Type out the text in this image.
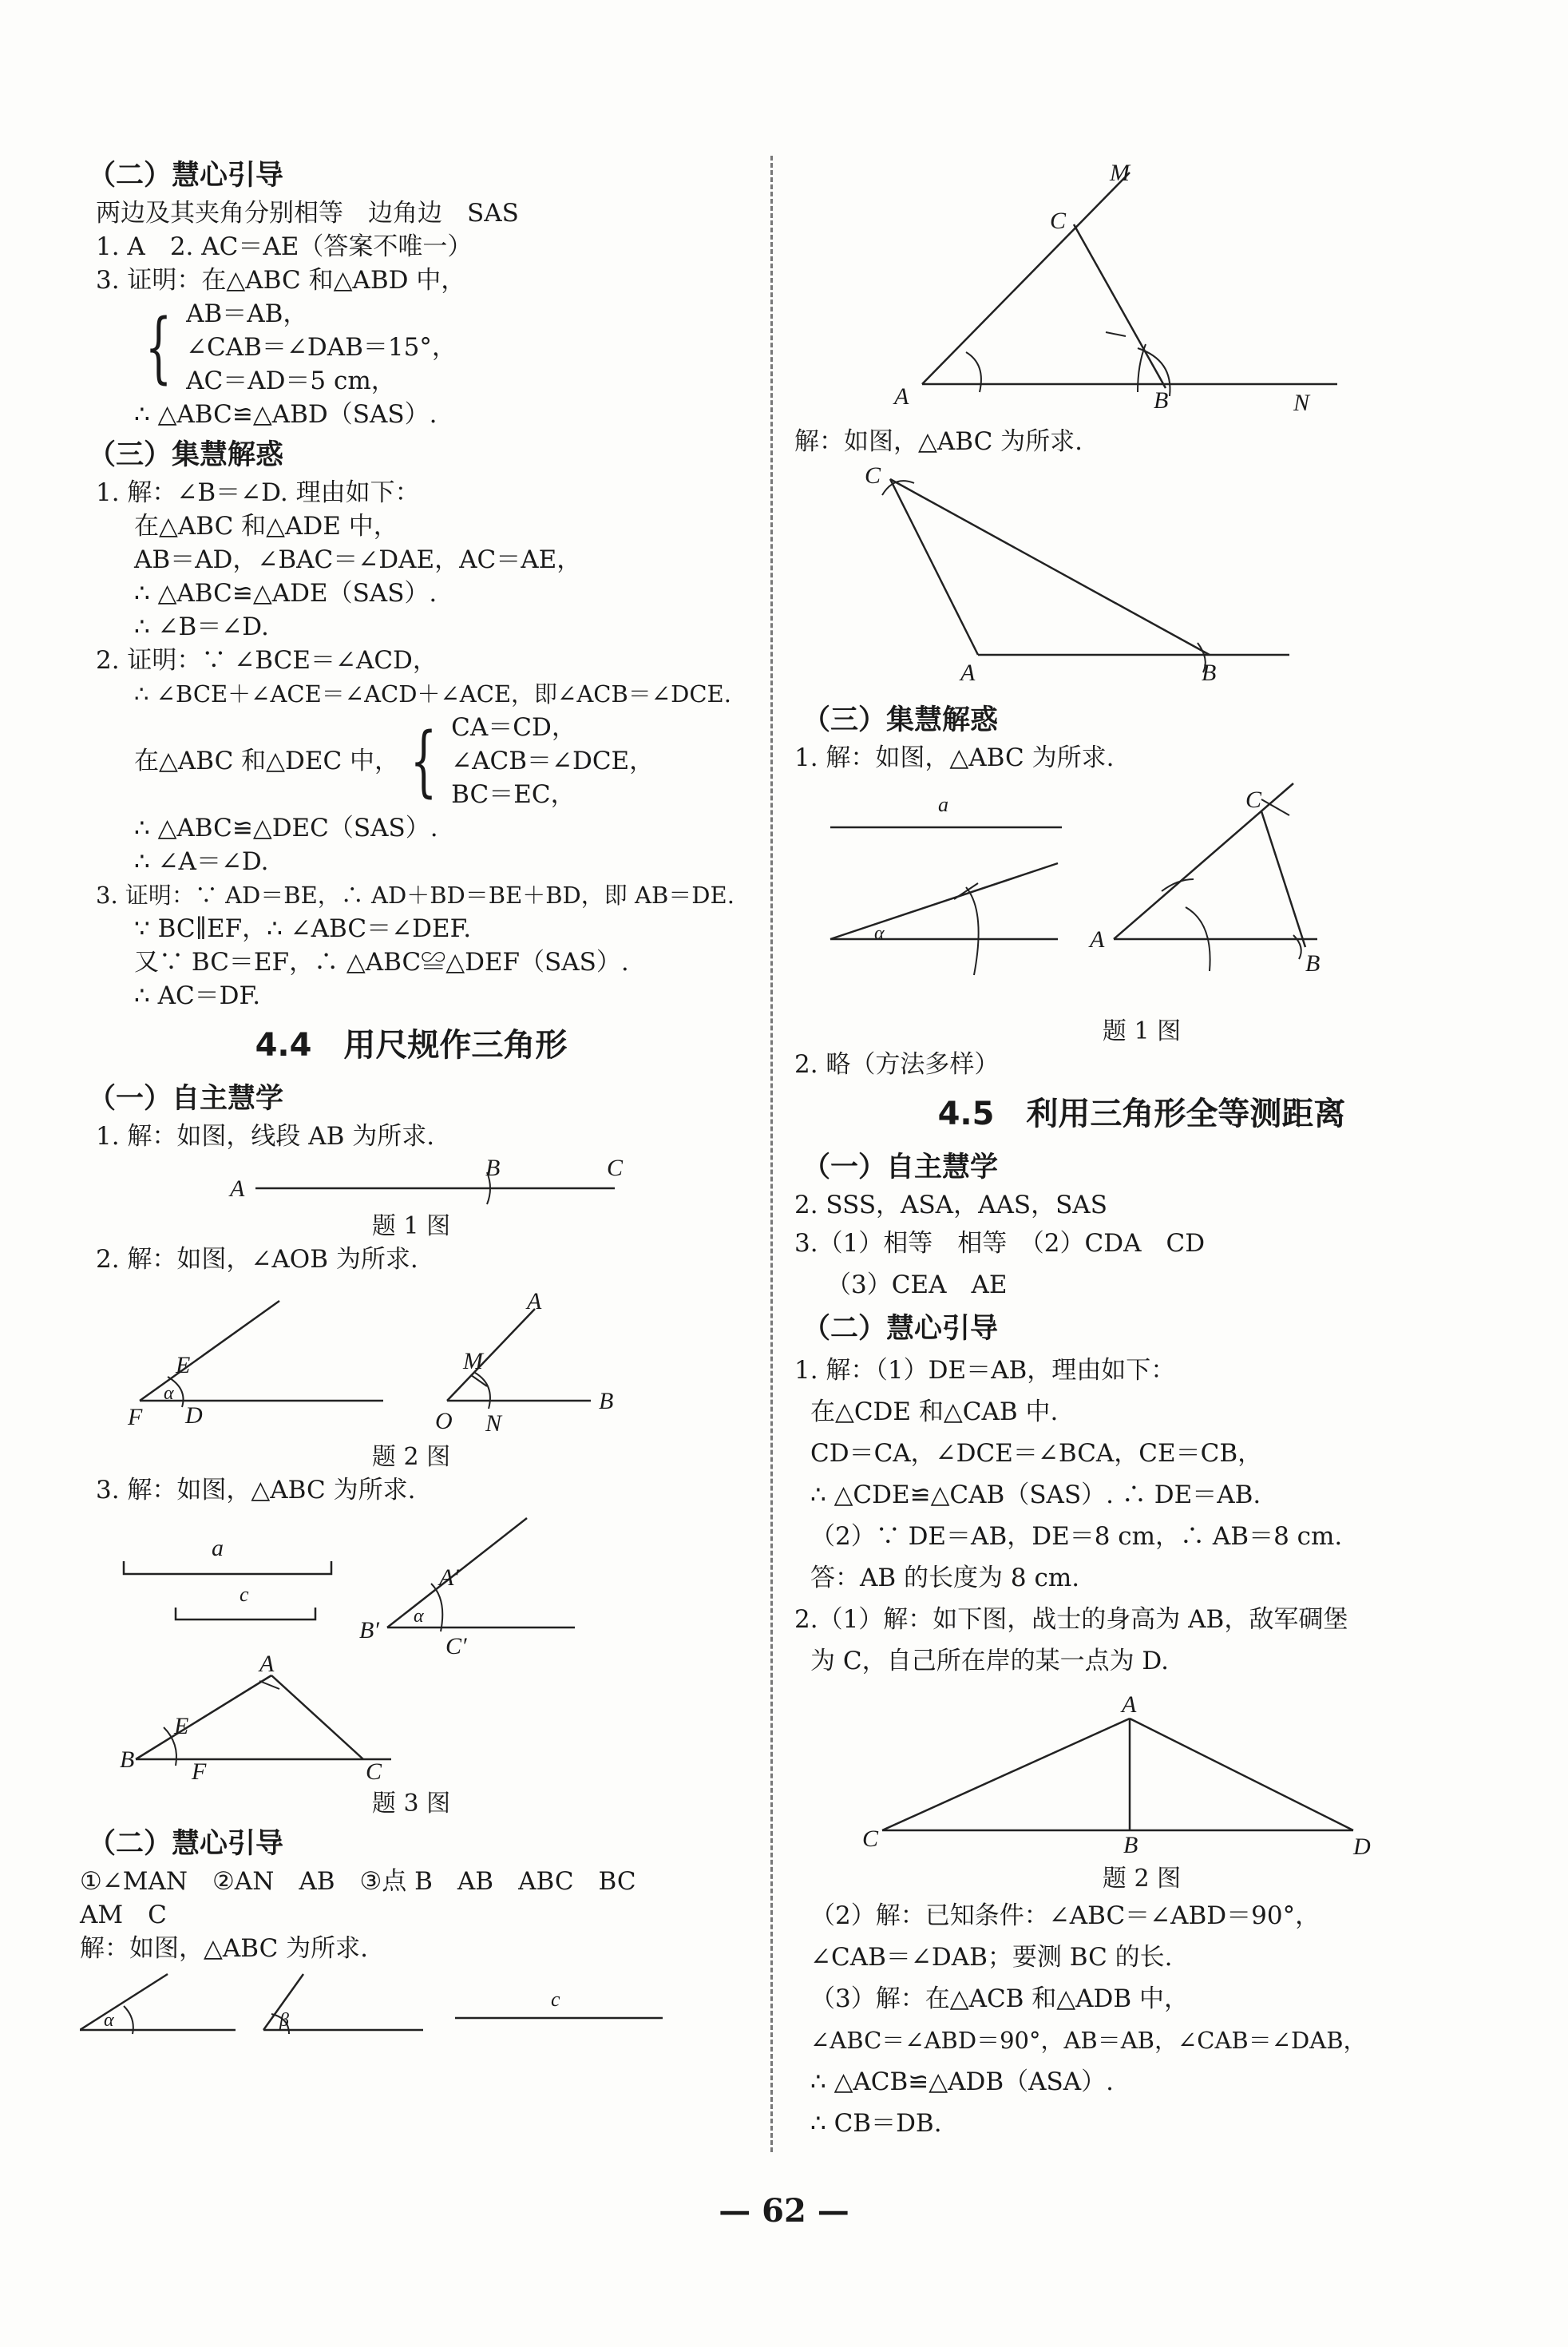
（二）慧心引导
两边及其夹角分别相等　边角边　SAS
1. A　2. AC＝AE（答案不唯一）
3. 证明：在△ABC 和△ABD 中，
{ AB＝AB，
∠CAB＝∠DAB＝15°，
AC＝AD＝5 cm，
∴ △ABC≌△ABD（SAS）.
（三）集慧解惑
1. 解：∠B＝∠D. 理由如下：
在△ABC 和△ADE 中，
AB＝AD，∠BAC＝∠DAE，AC＝AE，
∴ △ABC≌△ADE（SAS）.
∴ ∠B＝∠D.
2. 证明：∵ ∠BCE＝∠ACD，
∴ ∠BCE＋∠ACE＝∠ACD＋∠ACE，即∠ACB＝∠DCE.
在△ABC 和△DEC 中， { CA＝CD，
∠ACB＝∠DCE，
BC＝EC，
∴ △ABC≌△DEC（SAS）.
∴ ∠A＝∠D.
3. 证明：∵ AD＝BE，∴ AD＋BD＝BE＋BD，即 AB＝DE.
∵ BC∥EF，∴ ∠ABC＝∠DEF.
又∵ BC＝EF，∴ △ABC≌△DEF（SAS）.
∴ AC＝DF.
4.4　用尺规作三角形
（一）自主慧学
1. 解：如图，线段 AB 为所求.
A
B	C
题 1 图
2. 解：如图，∠AOB 为所求.
E
α
F D
A
M
O N
B
题 2 图
3. 解：如图，△ABC 为所求.
a
c
A′
α
B′
C′
A
E
B F	C
题 3 图
（二）慧心引导
①∠MAN　②AN　AB　③点 B　AB　ABC　BC
AM　C
解：如图，△ABC 为所求.
α	β
c
M
C
A	B	N
解：如图，△ABC 为所求.
C
A	B
（三）集慧解惑
1. 解：如图，△ABC 为所求.
a
α
C
A
B
题 1 图
2. 略（方法多样）
4.5　利用三角形全等测距离
（一）自主慧学
2. SSS，ASA，AAS，SAS
3.（1）相等　相等　（2）CDA　CD
（3）CEA　AE
（二）慧心引导
1. 解：（1）DE＝AB，理由如下：
在△CDE 和△CAB 中.
CD＝CA，∠DCE＝∠BCA，CE＝CB，
∴ △CDE≌△CAB（SAS）. ∴ DE＝AB.
（2）∵ DE＝AB，DE＝8 cm，∴ AB＝8 cm.
答：AB 的长度为 8 cm.
2.（1）解：如下图，战士的身高为 AB，敌军碉堡
为 C，自己所在岸的某一点为 D.
A
C	B	D
题 2 图
（2）解：已知条件：∠ABC＝∠ABD＝90°，
∠CAB＝∠DAB；要测 BC 的长.
（3）解：在△ACB 和△ADB 中，
∠ABC＝∠ABD＝90°，AB＝AB，∠CAB＝∠DAB，
∴ △ACB≌△ADB（ASA）.
∴ CB＝DB.
— 62 —
